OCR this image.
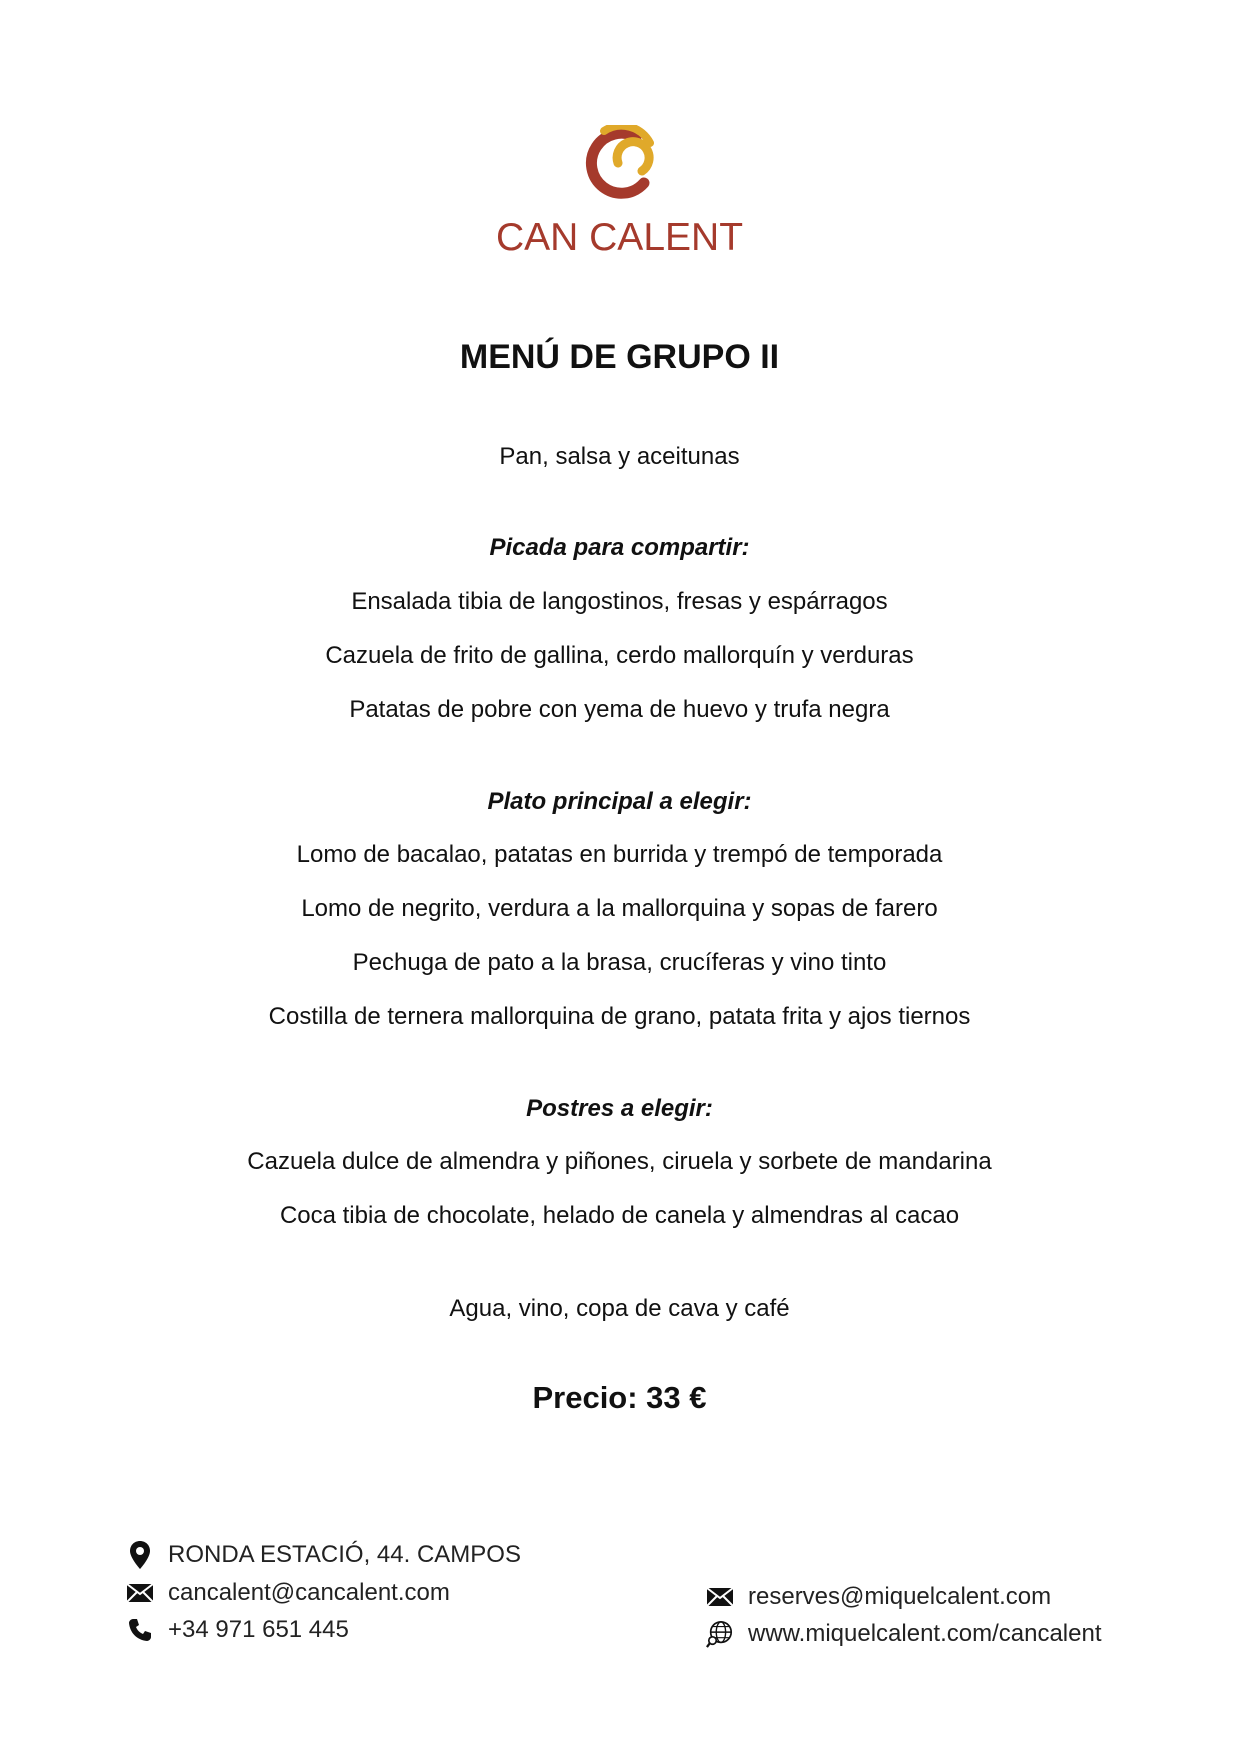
CAN CALENT
MENÚ DE GRUPO II
Pan, salsa y aceitunas
Picada para compartir:
Ensalada tibia de langostinos, fresas y espárragos
Cazuela de frito de gallina, cerdo mallorquín y verduras
Patatas de pobre con yema de huevo y trufa negra
Plato principal a elegir:
Lomo de bacalao, patatas en burrida y trempó de temporada
Lomo de negrito, verdura a la mallorquina y sopas de farero
Pechuga de pato a la brasa, crucíferas y vino tinto
Costilla de ternera mallorquina de grano, patata frita y ajos tiernos
Postres a elegir:
Cazuela dulce de almendra y piñones, ciruela y sorbete de mandarina
Coca tibia de chocolate, helado de canela y almendras al cacao
Agua, vino, copa de cava y café
Precio: 33 €
RONDA ESTACIÓ, 44. CAMPOS
cancalent@cancalent.com
+34 971 651 445
reserves@miquelcalent.com
www.miquelcalent.com/cancalent
